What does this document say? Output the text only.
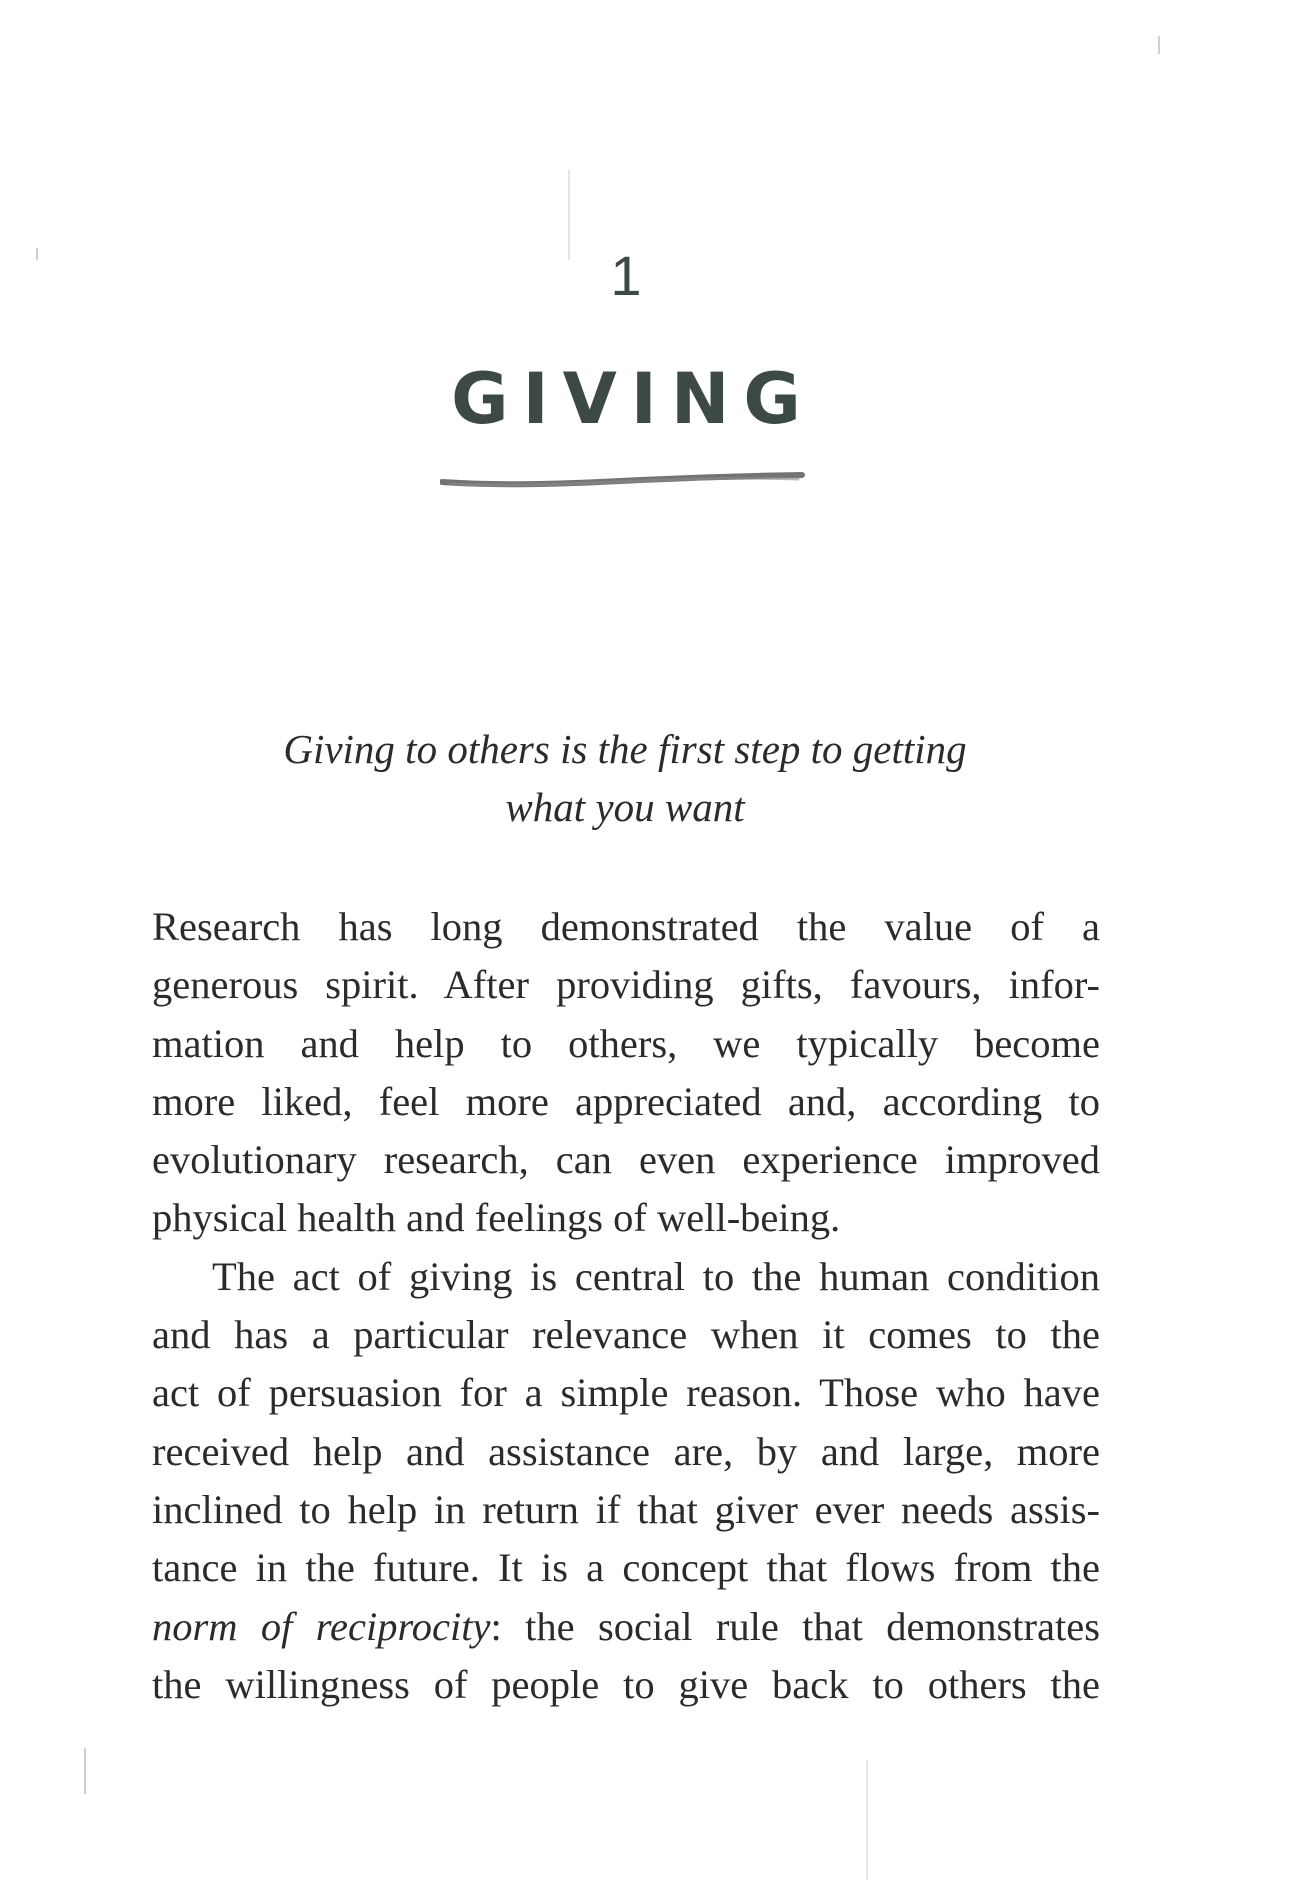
1
GIVING
Giving to others is the first step to getting
what you want
Research has long demonstrated the value of a
generous spirit. After providing gifts, favours, infor-
mation and help to others, we typically become
more liked, feel more appreciated and, according to
evolutionary research, can even experience improved
physical health and feelings of well-being.
The act of giving is central to the human condition
and has a particular relevance when it comes to the
act of persuasion for a simple reason. Those who have
received help and assistance are, by and large, more
inclined to help in return if that giver ever needs assis-
tance in the future. It is a concept that flows from the
norm of reciprocity: the social rule that demonstrates
the willingness of people to give back to others the
